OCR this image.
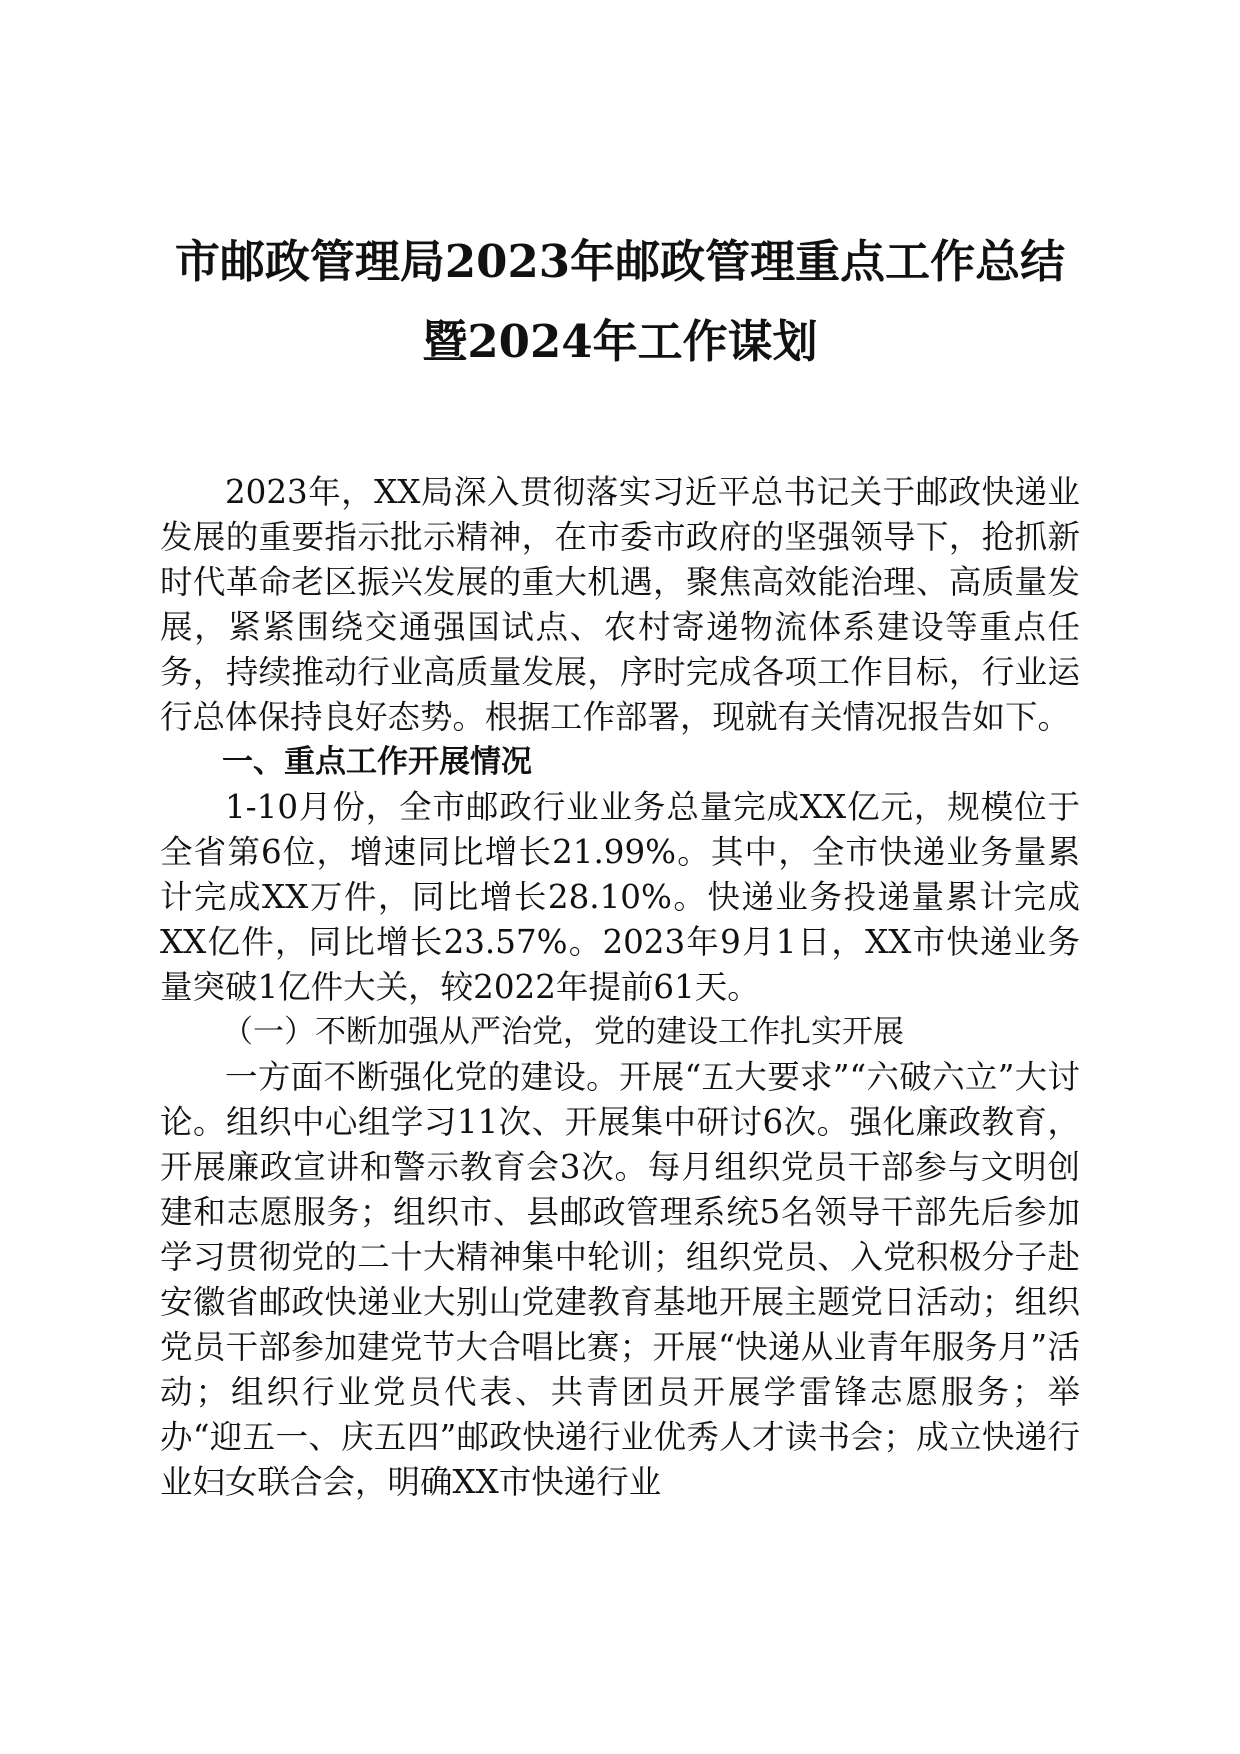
市邮政管理局2023年邮政管理重点工作总结

暨2024年工作谋划

2023年，XX局深入贯彻落实习近平总书记关于邮政快递业发展的重要指示批示精神，在市委市政府的坚强领导下，抢抓新时代革命老区振兴发展的重大机遇，聚焦高效能治理、高质量发展，紧紧围绕交通强国试点、农村寄递物流体系建设等重点任务，持续推动行业高质量发展，序时完成各项工作目标，行业运行总体保持良好态势。根据工作部署，现就有关情况报告如下。

一、重点工作开展情况

1-10月份，全市邮政行业业务总量完成XX亿元，规模位于全省第6位，增速同比增长21.99%。其中，全市快递业务量累计完成XX万件，同比增长28.10%。快递业务投递量累计完成XX亿件，同比增长23.57%。2023年9月1日，XX市快递业务量突破1亿件大关，较2022年提前61天。

（一）不断加强从严治党，党的建设工作扎实开展

一方面不断强化党的建设。开展“五大要求”“六破六立”大讨论。组织中心组学习11次、开展集中研讨6次。强化廉政教育，开展廉政宣讲和警示教育会3次。每月组织党员干部参与文明创建和志愿服务；组织市、县邮政管理系统5名领导干部先后参加学习贯彻党的二十大精神集中轮训；组织党员、入党积极分子赴安徽省邮政快递业大别山党建教育基地开展主题党日活动；组织党员干部参加建党节大合唱比赛；开展“快递从业青年服务月”活动；组织行业党员代表、共青团员开展学雷锋志愿服务；举办“迎五一、庆五四”邮政快递行业优秀人才读书会；成立快递行业妇女联合会，明确XX市快递行业
